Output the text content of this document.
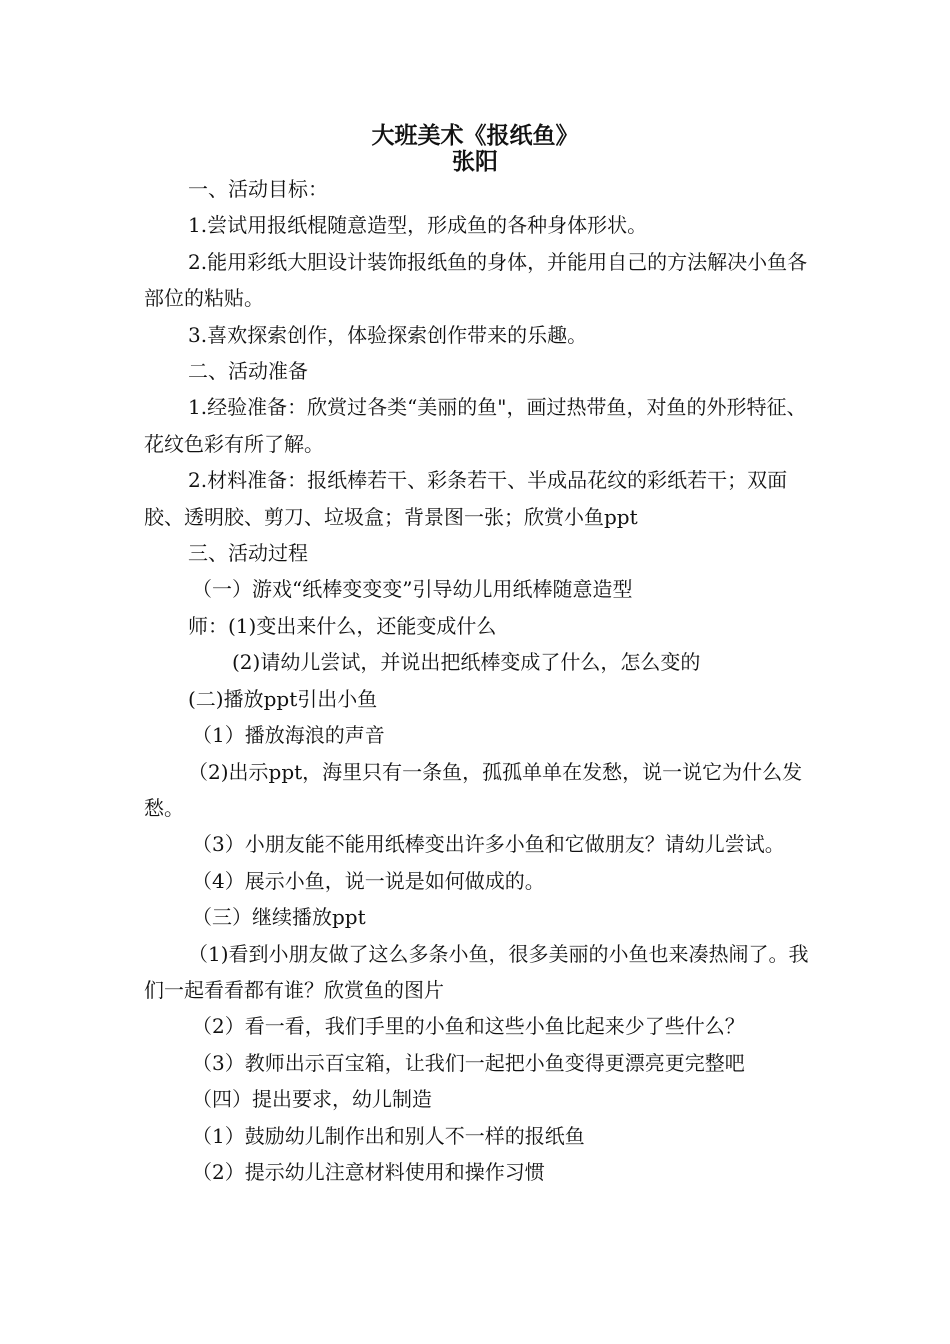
大班美术《报纸鱼》
张阳

一、活动目标：

1.尝试用报纸棍随意造型，形成鱼的各种身体形状。

2.能用彩纸大胆设计装饰报纸鱼的身体，并能用自己的方法解决小鱼各部位的粘贴。

3.喜欢探索创作，体验探索创作带来的乐趣。

二、活动准备

1.经验准备：欣赏过各类“美丽的鱼"，画过热带鱼，对鱼的外形特征、花纹色彩有所了解。

2.材料准备：报纸棒若干、彩条若干、半成品花纹的彩纸若干；双面胶、透明胶、剪刀、垃圾盒；背景图一张；欣赏小鱼ppt

三、活动过程

（一）游戏“纸棒变变变”引导幼儿用纸棒随意造型

师：(1)变出来什么，还能变成什么

(2)请幼儿尝试，并说出把纸棒变成了什么，怎么变的

(二)播放ppt引出小鱼

（1）播放海浪的声音

（2)出示ppt，海里只有一条鱼，孤孤单单在发愁，说一说它为什么发愁。

（3）小朋友能不能用纸棒变出许多小鱼和它做朋友？请幼儿尝试。

（4）展示小鱼，说一说是如何做成的。

（三）继续播放ppt

（1)看到小朋友做了这么多条小鱼，很多美丽的小鱼也来凑热闹了。我们一起看看都有谁？欣赏鱼的图片

（2）看一看，我们手里的小鱼和这些小鱼比起来少了些什么？

（3）教师出示百宝箱，让我们一起把小鱼变得更漂亮更完整吧

（四）提出要求，幼儿制造

（1）鼓励幼儿制作出和别人不一样的报纸鱼

（2）提示幼儿注意材料使用和操作习惯
